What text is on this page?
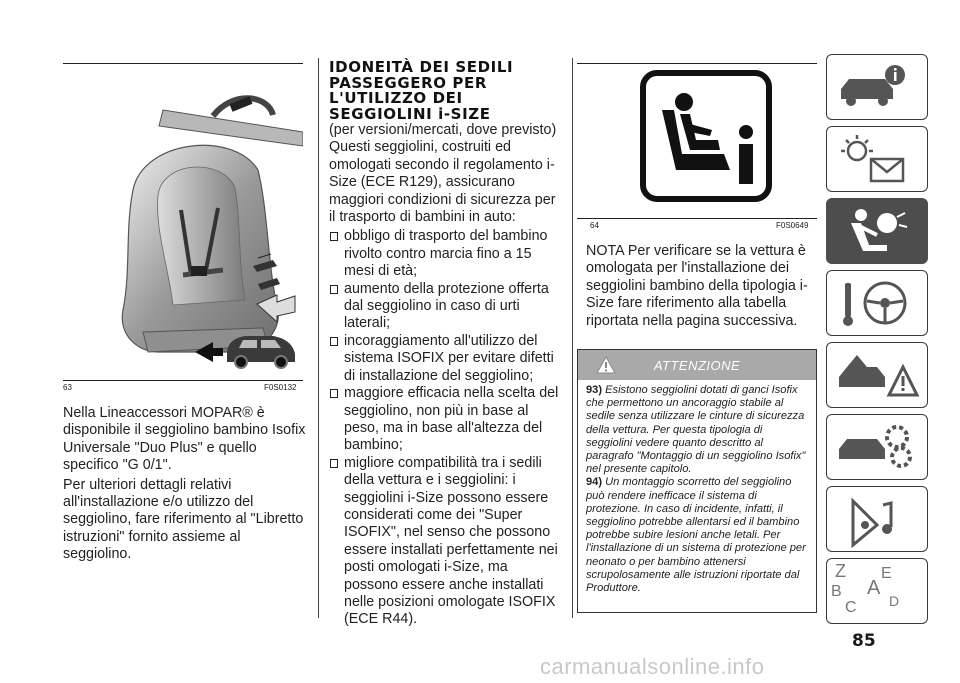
63	F0S0132

Nella Lineaccessori MOPAR® è disponibile il seggiolino bambino Isofix Universale "Duo Plus" e quello specifico "G 0/1".

Per ulteriori dettagli relativi all'installazione e/o utilizzo del seggiolino, fare riferimento al "Libretto istruzioni" fornito assieme al seggiolino.

IDONEITÀ DEI SEDILI PASSEGGERO PER L'UTILIZZO DEI SEGGIOLINI i-SIZE

(per versioni/mercati, dove previsto) Questi seggiolini, costruiti ed omologati secondo il regolamento i-Size (ECE R129), assicurano maggiori condizioni di sicurezza per il trasporto di bambini in auto:

obbligo di trasporto del bambino rivolto contro marcia fino a 15 mesi di età;
aumento della protezione offerta dal seggiolino in caso di urti laterali;
incoraggiamento all'utilizzo del sistema ISOFIX per evitare difetti di installazione del seggiolino;
maggiore efficacia nella scelta del seggiolino, non più in base al peso, ma in base all'altezza del bambino;
migliore compatibilità tra i sedili della vettura e i seggiolini: i seggiolini i-Size possono essere considerati come dei "Super ISOFIX", nel senso che possono essere installati perfettamente nei posti omologati i-Size, ma possono essere anche installati nelle posizioni omologate ISOFIX (ECE R44).
64	F0S0649

NOTA Per verificare se la vettura è omologata per l'installazione dei seggiolini bambino della tipologia i-Size fare riferimento alla tabella riportata nella pagina successiva.

ATTENZIONE

93) Esistono seggiolini dotati di ganci Isofix che permettono un ancoraggio stabile al sedile senza utilizzare le cinture di sicurezza della vettura. Per questa tipologia di seggiolini vedere quanto descritto al paragrafo "Montaggio di un seggiolino Isofix" nel presente capitolo.

94) Un montaggio scorretto del seggiolino può rendere inefficace il sistema di protezione. In caso di incidente, infatti, il seggiolino potrebbe allentarsi ed il bambino potrebbe subire lesioni anche letali. Per l'installazione di un sistema di protezione per neonato o per bambino attenersi scrupolosamente alle istruzioni riportate dal Produttore.

Z E
B A
C D
85
carmanualsonline.info
